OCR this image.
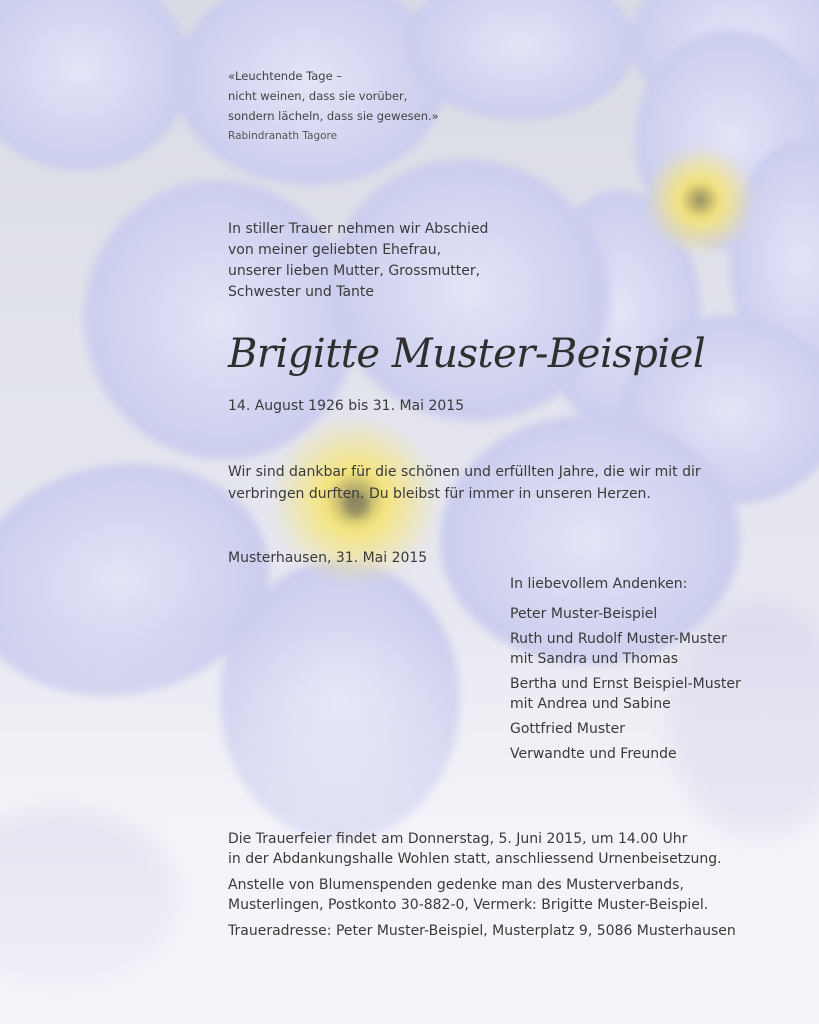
«Leuchtende Tage –
nicht weinen, dass sie vorüber,
sondern lächeln, dass sie gewesen.»
Rabindranath Tagore
In stiller Trauer nehmen wir Abschied
von meiner geliebten Ehefrau,
unserer lieben Mutter, Grossmutter,
Schwester und Tante
Brigitte Muster-Beispiel
14. August 1926 bis 31. Mai 2015
Wir sind dankbar für die schönen und erfüllten Jahre, die wir mit dir
verbringen durften. Du bleibst für immer in unseren Herzen.
Musterhausen, 31. Mai 2015
In liebevollem Andenken:
Peter Muster-Beispiel
Ruth und Rudolf Muster-Muster
mit Sandra und Thomas
Bertha und Ernst Beispiel-Muster
mit Andrea und Sabine
Gottfried Muster
Verwandte und Freunde

Die Trauerfeier findet am Donnerstag, 5. Juni 2015, um 14.00 Uhr
in der Abdankungshalle Wohlen statt, anschliessend Urnenbeisetzung.

Anstelle von Blumenspenden gedenke man des Musterverbands,
Musterlingen, Postkonto 30-882-0, Vermerk: Brigitte Muster-Beispiel.

Traueradresse: Peter Muster-Beispiel, Musterplatz 9, 5086 Musterhausen
